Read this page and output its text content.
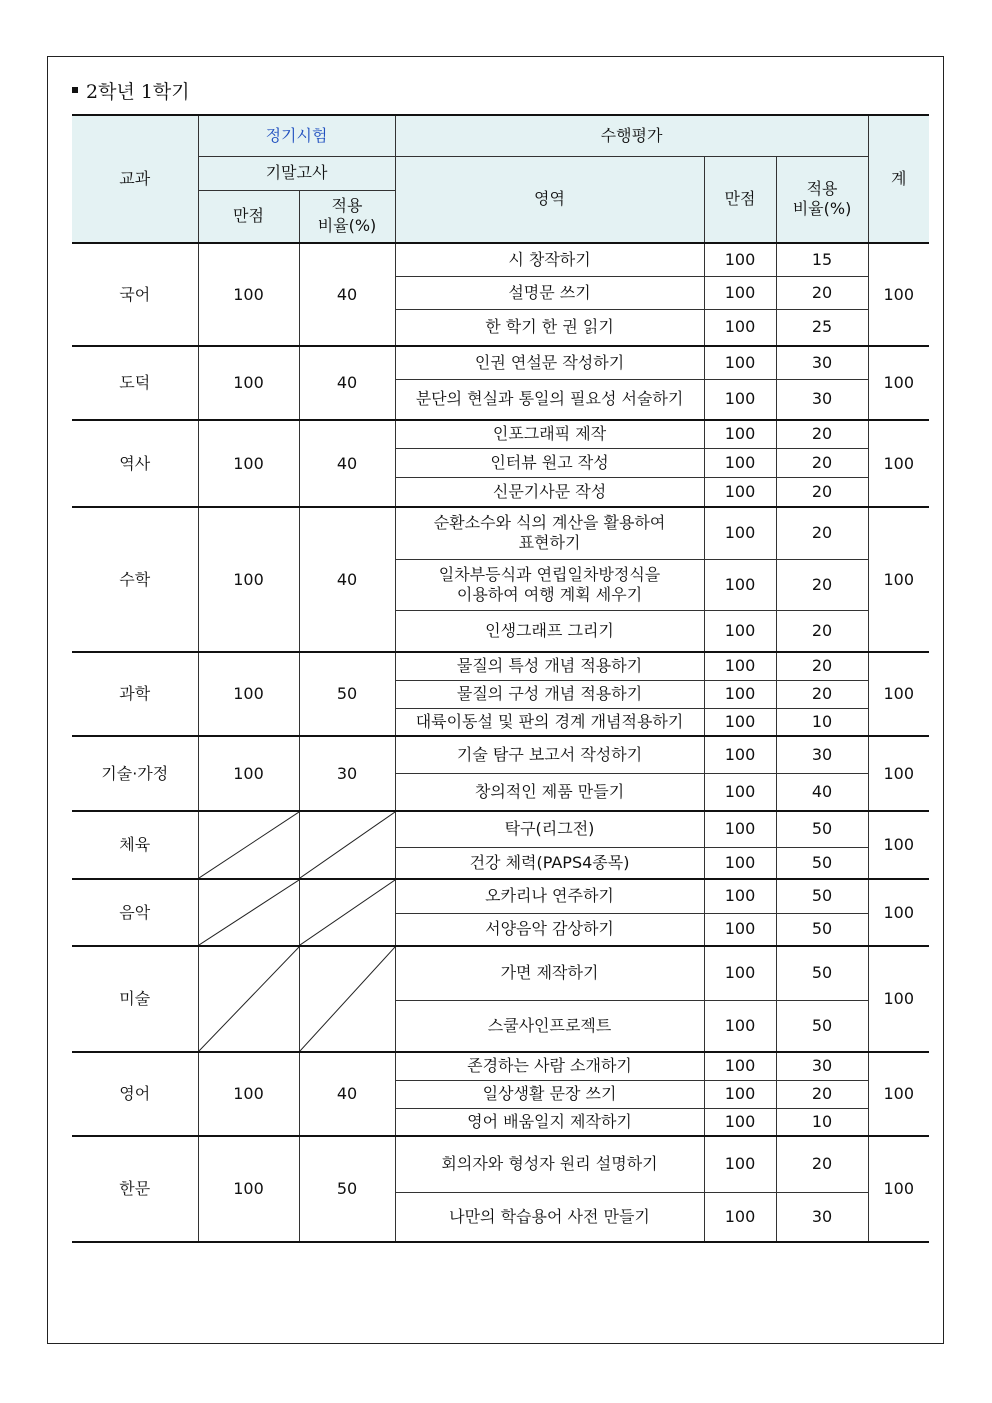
2학년 1학기
교과	정기시험		수행평가			계
	기말고사		영역	만점	적용
비율(%)	

	만점	적용
비율(%)				

국어	100	40	시 창작하기	100	15	100

			설명문 쓰기	100	20	

			한 학기 한 권 읽기	100	25	
도덕	100	40	인권 연설문 작성하기	100	30	100

			분단의 현실과 통일의 필요성 서술하기	100	30	
역사	100	40	인포그래픽 제작	100	20	100

			인터뷰 원고 작성	100	20	

			신문기사문 작성	100	20	
수학	100	40	순환소수와 식의 계산을 활용하여
표현하기	100	20	100

			일차부등식과 연립일차방정식을
이용하여 여행 계획 세우기	100	20	

			인생그래프 그리기	100	20	
과학	100	50	물질의 특성 개념 적용하기	100	20	100

			물질의 구성 개념 적용하기	100	20	

			대륙이동설 및 판의 경계 개념적용하기	100	10	
기술·가정	100	30	기술 탐구 보고서 작성하기	100	30	100

			창의적인 제품 만들기	100	40	
체육			탁구(리그전)	100	50	100

			건강 체력(PAPS4종목)	100	50	
음악			오카리나 연주하기	100	50	100

			서양음악 감상하기	100	50	
미술			가면 제작하기	100	50	100

			스쿨사인프로젝트	100	50	
영어	100	40	존경하는 사람 소개하기	100	30	100

			일상생활 문장 쓰기	100	20	

			영어 배움일지 제작하기	100	10	
한문	100	50	회의자와 형성자 원리 설명하기	100	20	100

			나만의 학습용어 사전 만들기	100	30	
